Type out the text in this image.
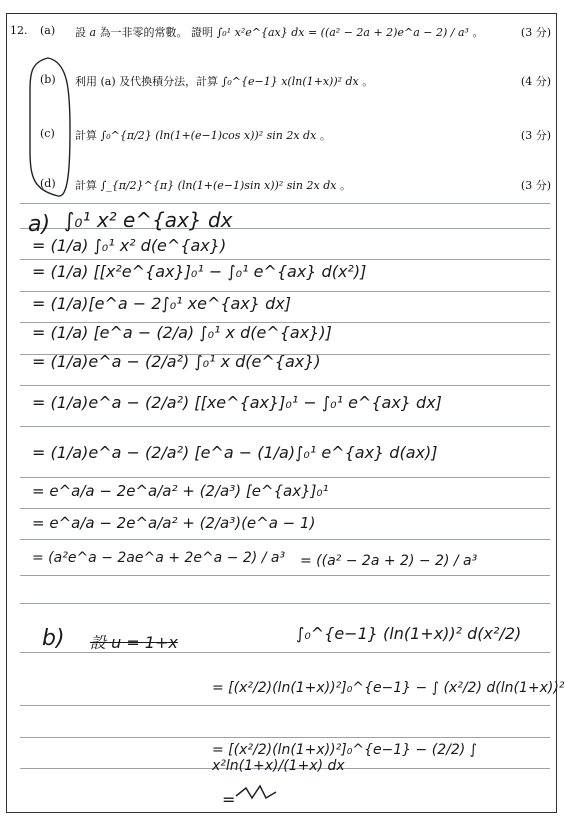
12. (a) 設 a 為一非零的常數。 證明 ∫₀¹ x²e^{ax} dx = ((a² − 2a + 2)e^a − 2) / a³ 。	(3 分)
(b) 利用 (a) 及代換積分法，計算 ∫₀^{e−1} x(ln(1+x))² dx 。	(4 分)
(c) 計算 ∫₀^{π/2} (ln(1+(e−1)cos x))² sin 2x dx 。	(3 分)
(d) 計算 ∫_{π/2}^{π} (ln(1+(e−1)sin x))² sin 2x dx 。	(3 分)
a) ∫₀¹ x² e^{ax} dx
= (1/a) ∫₀¹ x² d(e^{ax})
= (1/a) [[x²e^{ax}]₀¹ − ∫₀¹ e^{ax} d(x²)]
= (1/a)[e^a − 2∫₀¹ xe^{ax} dx]
= (1/a) [e^a − (2/a) ∫₀¹ x d(e^{ax})]
= (1/a)e^a − (2/a²) ∫₀¹ x d(e^{ax})
= (1/a)e^a − (2/a²) [[xe^{ax}]₀¹ − ∫₀¹ e^{ax} dx]
= (1/a)e^a − (2/a²) [e^a − (1/a)∫₀¹ e^{ax} d(ax)]
= e^a/a − 2e^a/a² + (2/a³) [e^{ax}]₀¹
= e^a/a − 2e^a/a² + (2/a³)(e^a − 1)
= (a²e^a − 2ae^a + 2e^a − 2) / a³ = ((a² − 2a + 2) − 2) / a³
b) 設 u = 1+x	∫₀^{e−1} (ln(1+x))² d(x²/2)
= [(x²/2)(ln(1+x))²]₀^{e−1} − ∫ (x²/2) d(ln(1+x))²
= [(x²/2)(ln(1+x))²]₀^{e−1} − (2/2) ∫ x²ln(1+x)/(1+x) dx
=
